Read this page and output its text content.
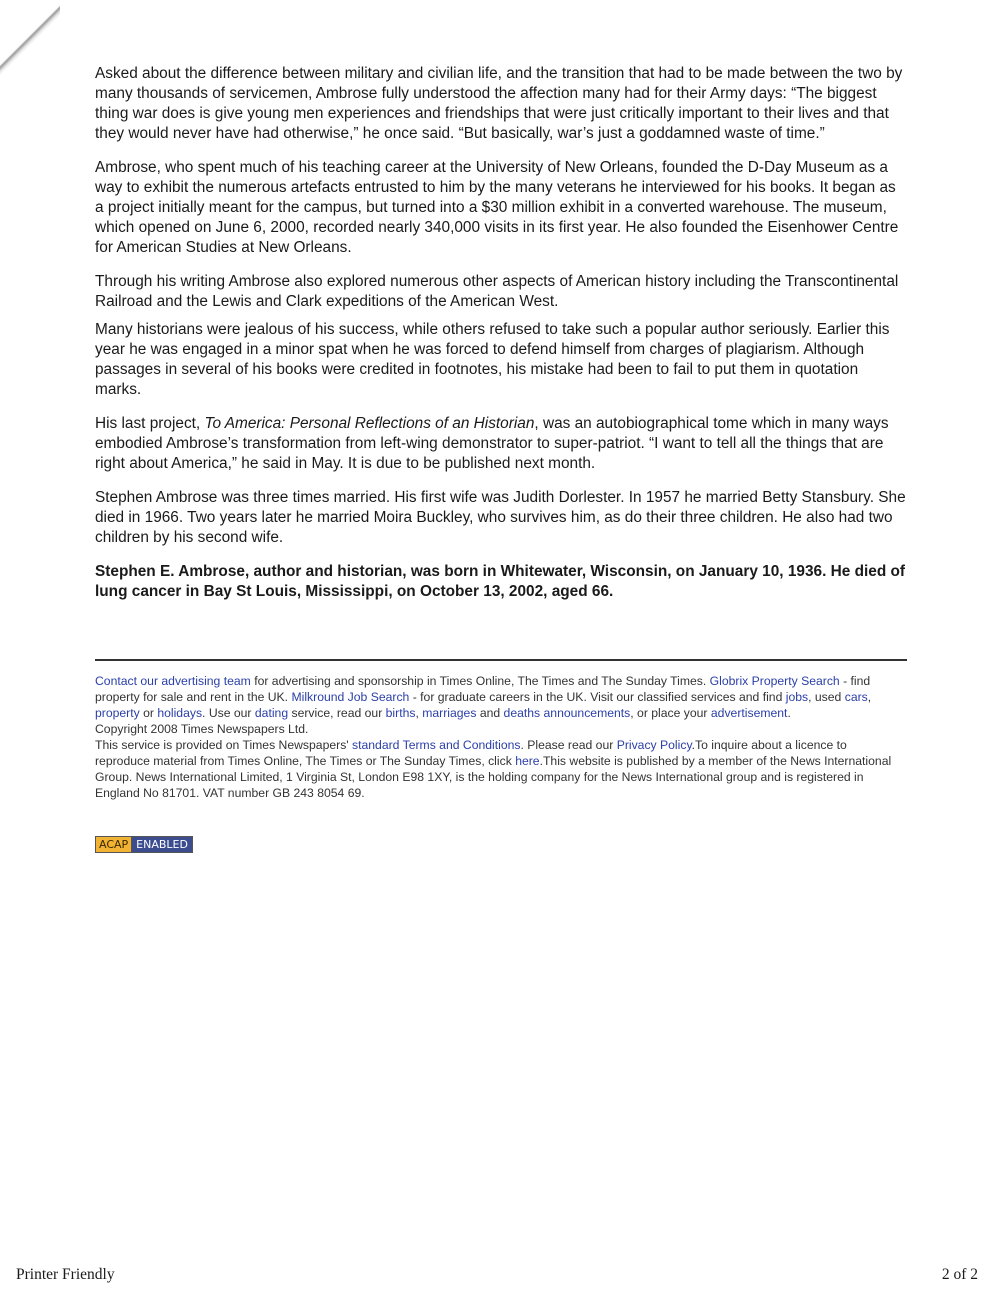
Asked about the difference between military and civilian life, and the transition that had to be made between the two by many thousands of servicemen, Ambrose fully understood the affection many had for their Army days: “The biggest thing war does is give young men experiences and friendships that were just critically important to their lives and that they would never have had otherwise,” he once said. “But basically, war’s just a goddamned waste of time.”

Ambrose, who spent much of his teaching career at the University of New Orleans, founded the D-Day Museum as a way to exhibit the numerous artefacts entrusted to him by the many veterans he interviewed for his books. It began as a project initially meant for the campus, but turned into a $30 million exhibit in a converted warehouse. The museum, which opened on June 6, 2000, recorded nearly 340,000 visits in its first year. He also founded the Eisenhower Centre for American Studies at New Orleans.

Through his writing Ambrose also explored numerous other aspects of American history including the Transcontinental Railroad and the Lewis and Clark expeditions of the American West.

Many historians were jealous of his success, while others refused to take such a popular author seriously. Earlier this year he was engaged in a minor spat when he was forced to defend himself from charges of plagiarism. Although passages in several of his books were credited in footnotes, his mistake had been to fail to put them in quotation marks.

His last project, To America: Personal Reflections of an Historian, was an autobiographical tome which in many ways embodied Ambrose’s transformation from left-wing demonstrator to super-patriot. “I want to tell all the things that are right about America,” he said in May. It is due to be published next month.

Stephen Ambrose was three times married. His first wife was Judith Dorlester. In 1957 he married Betty Stansbury. She died in 1966. Two years later he married Moira Buckley, who survives him, as do their three children. He also had two children by his second wife.

Stephen E. Ambrose, author and historian, was born in Whitewater, Wisconsin, on January 10, 1936. He died of lung cancer in Bay St Louis, Mississippi, on October 13, 2002, aged 66.

Contact our advertising team for advertising and sponsorship in Times Online, The Times and The Sunday Times. Globrix Property Search - find property for sale and rent in the UK. Milkround Job Search - for graduate careers in the UK. Visit our classified services and find jobs, used cars, property or holidays. Use our dating service, read our births, marriages and deaths announcements, or place your advertisement.
Copyright 2008 Times Newspapers Ltd.
This service is provided on Times Newspapers' standard Terms and Conditions. Please read our Privacy Policy.To inquire about a licence to reproduce material from Times Online, The Times or The Sunday Times, click here.This website is published by a member of the News International Group. News International Limited, 1 Virginia St, London E98 1XY, is the holding company for the News International group and is registered in England No 81701. VAT number GB 243 8054 69.
ACAP ENABLED
Printer Friendly	2 of 2
